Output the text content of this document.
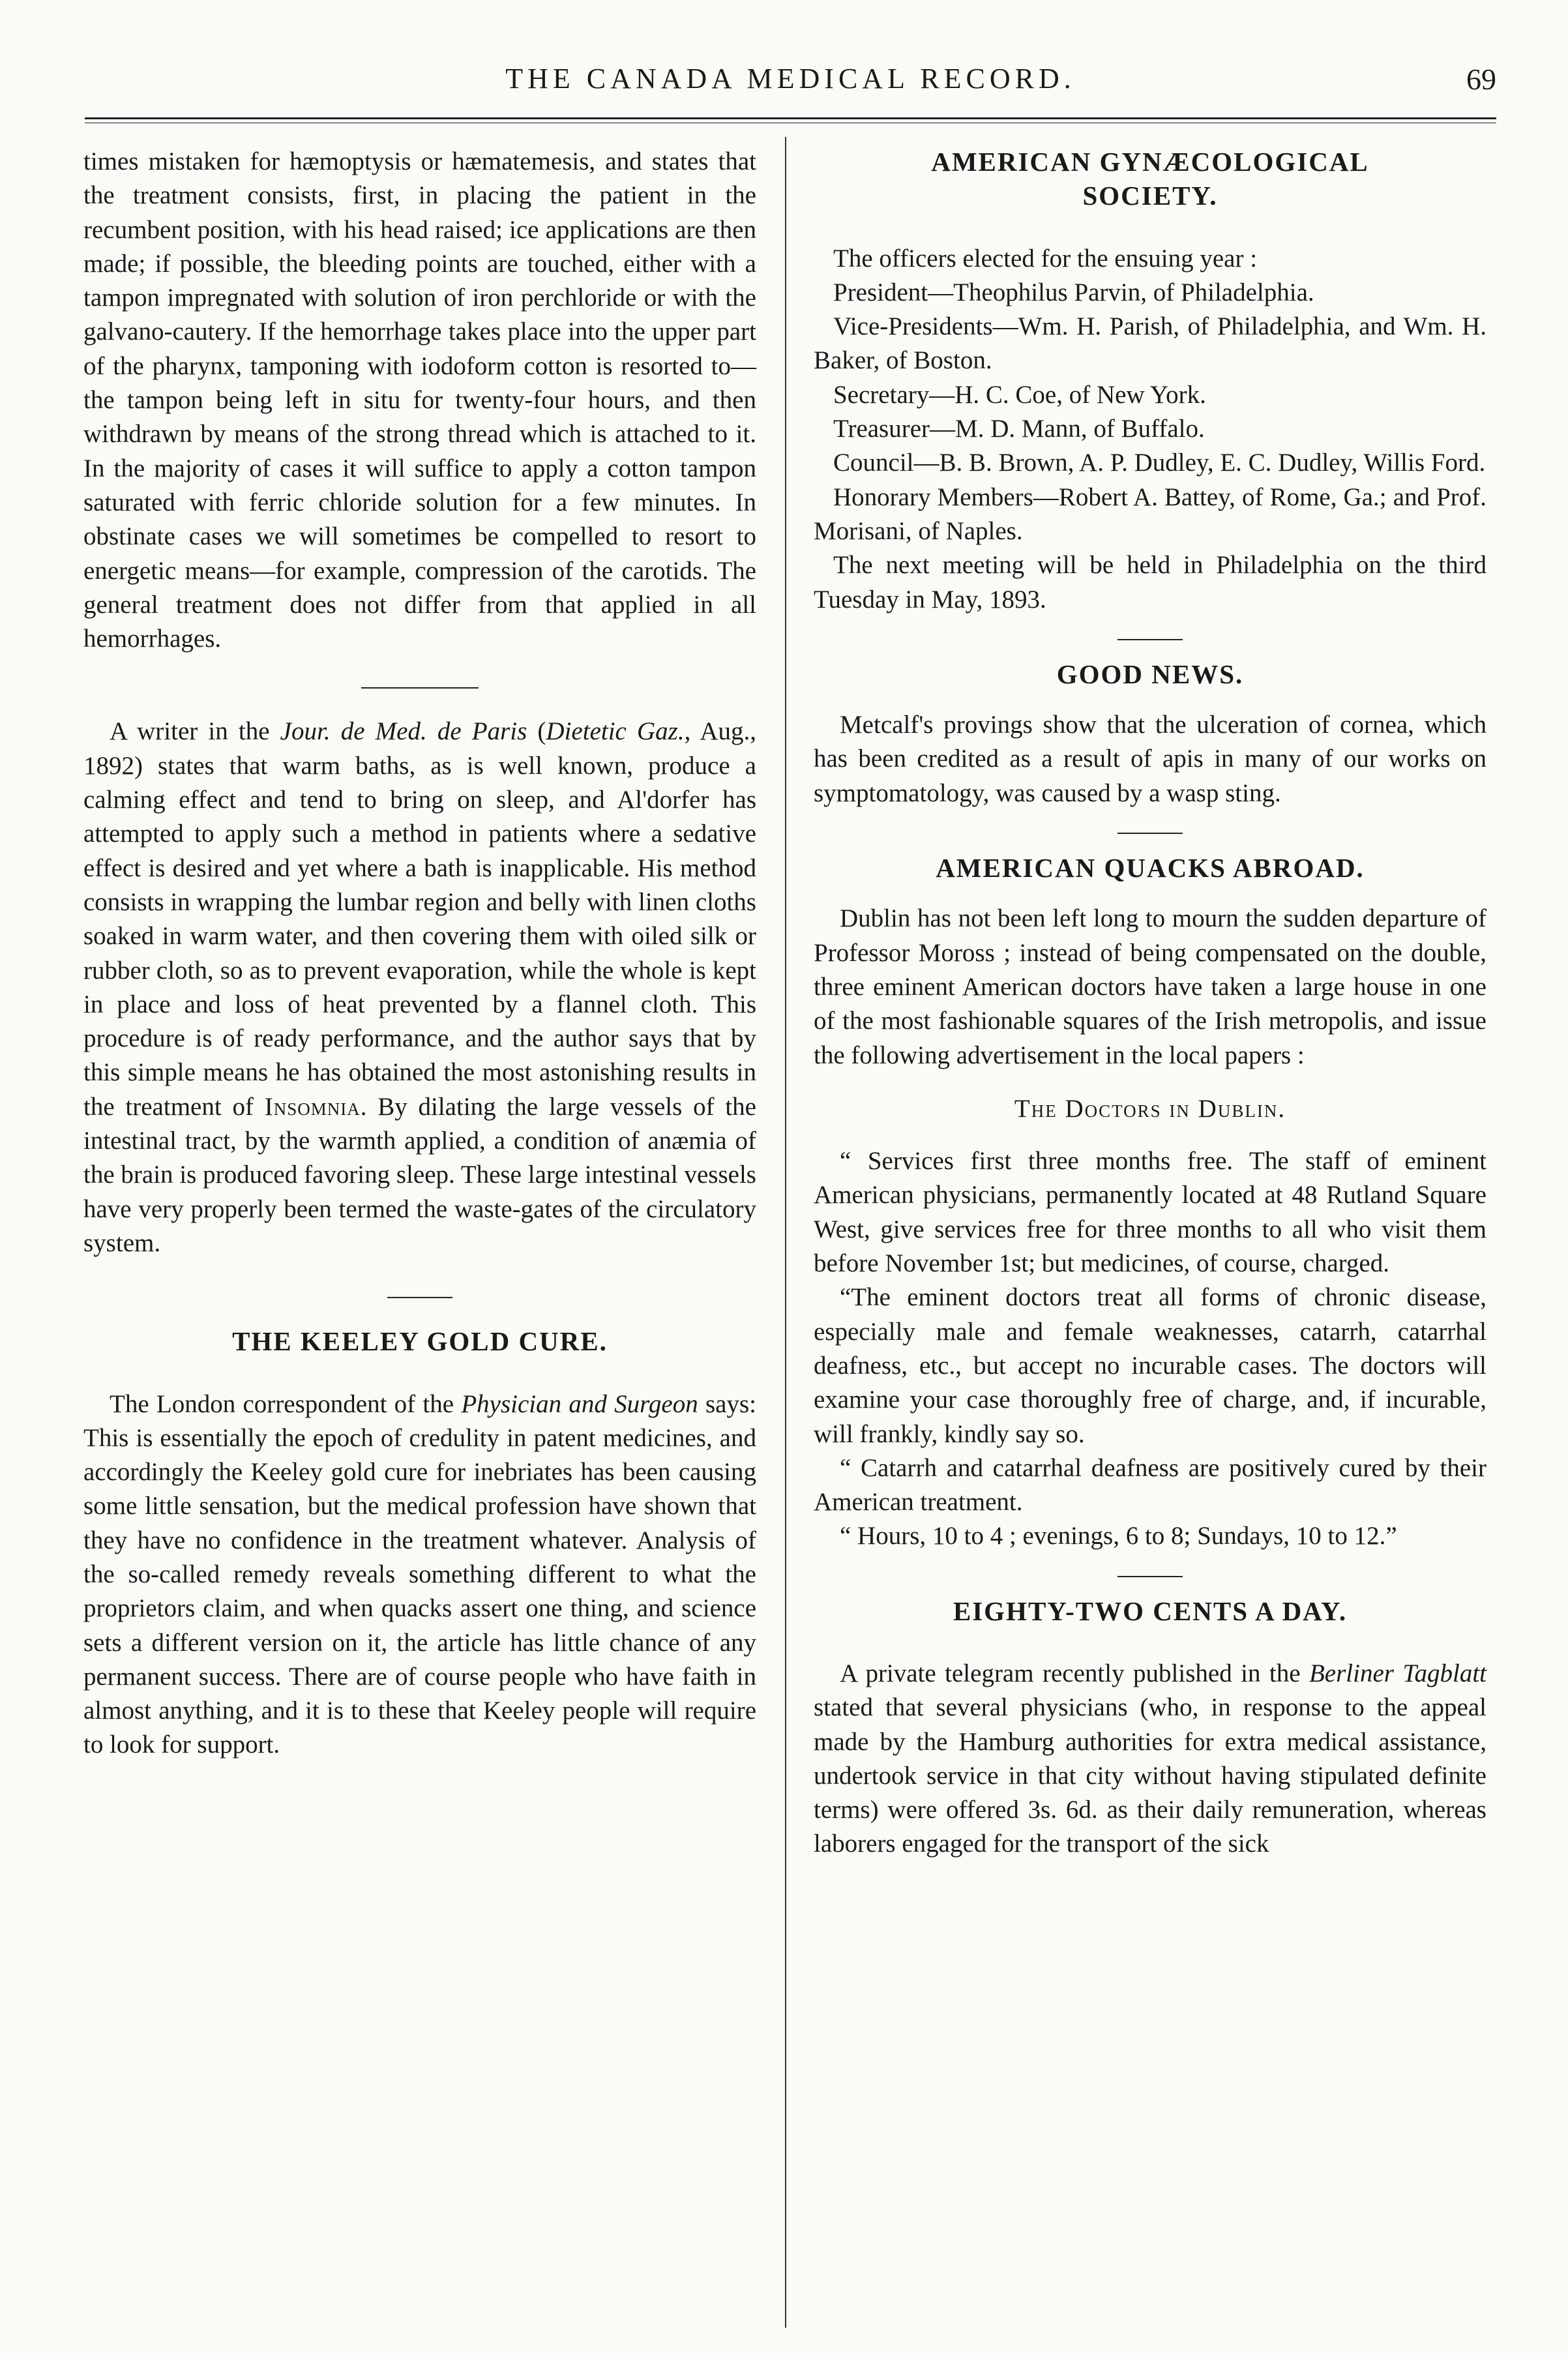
THE CANADA MEDICAL RECORD.	69

times mistaken for hæmoptysis or hæmatemesis, and states that the treatment consists, first, in placing the patient in the recumbent position, with his head raised; ice applications are then made; if possible, the bleeding points are touched, either with a tampon impregnated with solution of iron perchloride or with the galvano-cautery. If the hemorrhage takes place into the upper part of the pharynx, tamponing with iodoform cotton is resorted to—the tampon being left in situ for twenty-four hours, and then withdrawn by means of the strong thread which is attached to it. In the majority of cases it will suffice to apply a cotton tampon saturated with ferric chloride solution for a few minutes. In obstinate cases we will sometimes be compelled to resort to energetic means—for example, compression of the carotids. The general treatment does not differ from that applied in all hemorrhages.

A writer in the Jour. de Med. de Paris (Dietetic Gaz., Aug., 1892) states that warm baths, as is well known, produce a calming effect and tend to bring on sleep, and Al'dorfer has attempted to apply such a method in patients where a sedative effect is desired and yet where a bath is inapplicable. His method consists in wrapping the lumbar region and belly with linen cloths soaked in warm water, and then covering them with oiled silk or rubber cloth, so as to prevent evaporation, while the whole is kept in place and loss of heat prevented by a flannel cloth. This procedure is of ready performance, and the author says that by this simple means he has obtained the most astonishing results in the treatment of Insomnia. By dilating the large vessels of the intestinal tract, by the warmth applied, a condition of anæmia of the brain is produced favoring sleep. These large intestinal vessels have very properly been termed the waste-gates of the circulatory system.

THE KEELEY GOLD CURE.

The London correspondent of the Physician and Surgeon says: This is essentially the epoch of credulity in patent medicines, and accordingly the Keeley gold cure for inebriates has been causing some little sensation, but the medical profession have shown that they have no confidence in the treatment whatever. Analysis of the so-called remedy reveals something different to what the proprietors claim, and when quacks assert one thing, and science sets a different version on it, the article has little chance of any permanent success. There are of course people who have faith in almost anything, and it is to these that Keeley people will require to look for support.

AMERICAN GYNÆCOLOGICAL
SOCIETY.

The officers elected for the ensuing year :

President—Theophilus Parvin, of Philadelphia.

Vice-Presidents—Wm. H. Parish, of Philadelphia, and Wm. H. Baker, of Boston.

Secretary—H. C. Coe, of New York.

Treasurer—M. D. Mann, of Buffalo.

Council—B. B. Brown, A. P. Dudley, E. C. Dudley, Willis Ford.

Honorary Members—Robert A. Battey, of Rome, Ga.; and Prof. Morisani, of Naples.

The next meeting will be held in Philadelphia on the third Tuesday in May, 1893.

GOOD NEWS.

Metcalf's provings show that the ulceration of cornea, which has been credited as a result of apis in many of our works on symptomatology, was caused by a wasp sting.

AMERICAN QUACKS ABROAD.

Dublin has not been left long to mourn the sudden departure of Professor Moross ; instead of being compensated on the double, three eminent American doctors have taken a large house in one of the most fashionable squares of the Irish metropolis, and issue the following advertisement in the local papers :

The Doctors in Dublin.

“ Services first three months free. The staff of eminent American physicians, permanently located at 48 Rutland Square West, give services free for three months to all who visit them before November 1st; but medicines, of course, charged.

“The eminent doctors treat all forms of chronic disease, especially male and female weaknesses, catarrh, catarrhal deafness, etc., but accept no incurable cases. The doctors will examine your case thoroughly free of charge, and, if incurable, will frankly, kindly say so.

“ Catarrh and catarrhal deafness are positively cured by their American treatment.

“ Hours, 10 to 4 ; evenings, 6 to 8; Sundays, 10 to 12.”

EIGHTY-TWO CENTS A DAY.

A private telegram recently published in the Berliner Tagblatt stated that several physicians (who, in response to the appeal made by the Hamburg authorities for extra medical assistance, undertook service in that city without having stipulated definite terms) were offered 3s. 6d. as their daily remuneration, whereas laborers engaged for the transport of the sick
